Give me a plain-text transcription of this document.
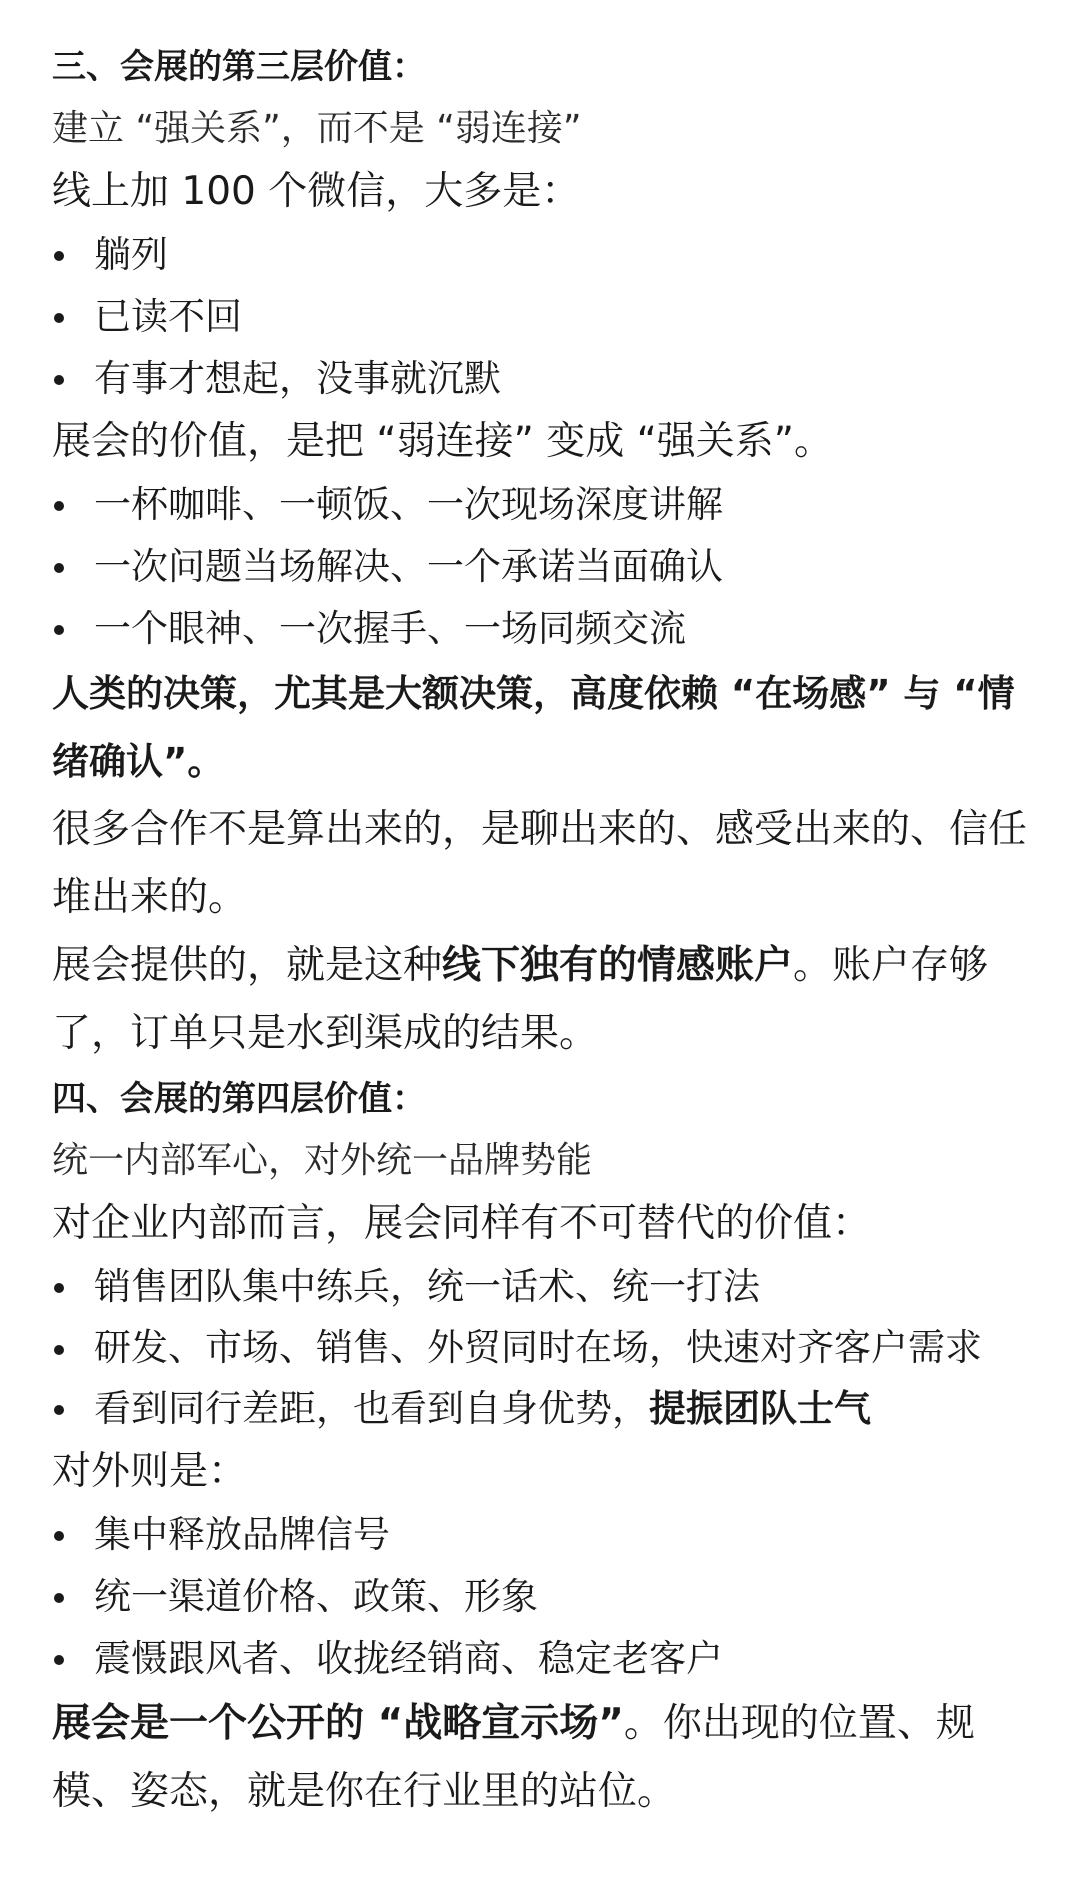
三、会展的第三层价值：

建立 “强关系”，而不是 “弱连接”

线上加 100 个微信，大多是：

躺列
已读不回
有事才想起，没事就沉默

展会的价值，是把 “弱连接” 变成 “强关系”。

一杯咖啡、一顿饭、一次现场深度讲解
一次问题当场解决、一个承诺当面确认
一个眼神、一次握手、一场同频交流

人类的决策，尤其是大额决策，高度依赖 “在场感” 与 “情绪确认”。

很多合作不是算出来的，是聊出来的、感受出来的、信任堆出来的。

展会提供的，就是这种线下独有的情感账户。账户存够了，订单只是水到渠成的结果。

四、会展的第四层价值：

统一内部军心，对外统一品牌势能

对企业内部而言，展会同样有不可替代的价值：

销售团队集中练兵，统一话术、统一打法
研发、市场、销售、外贸同时在场，快速对齐客户需求
看到同行差距，也看到自身优势，提振团队士气

对外则是：

集中释放品牌信号
统一渠道价格、政策、形象
震慑跟风者、收拢经销商、稳定老客户

展会是一个公开的 “战略宣示场”。你出现的位置、规模、姿态，就是你在行业里的站位。
